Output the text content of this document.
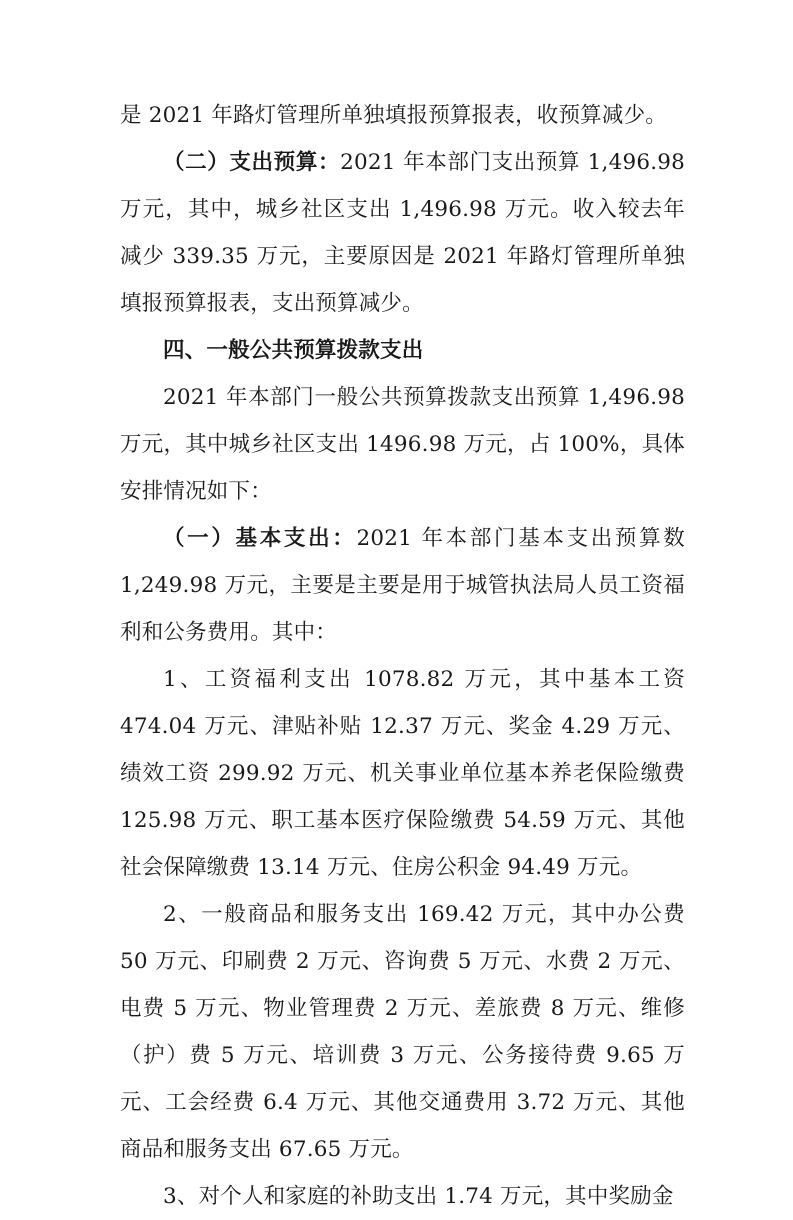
是 2021 年路灯管理所单独填报预算报表，收预算减少。

（二）支出预算：2021 年本部门支出预算 1,496.98 万元，其中，城乡社区支出 1,496.98 万元。收入较去年减少 339.35 万元，主要原因是 2021 年路灯管理所单独填报预算报表，支出预算减少。

四、一般公共预算拨款支出

2021 年本部门一般公共预算拨款支出预算 1,496.98 万元，其中城乡社区支出 1496.98 万元，占 100%，具体安排情况如下：

（一）基本支出：2021 年本部门基本支出预算数 1,249.98 万元，主要是主要是用于城管执法局人员工资福利和公务费用。其中：

1、工资福利支出 1078.82 万元，其中基本工资 474.04 万元、津贴补贴 12.37 万元、奖金 4.29 万元、绩效工资 299.92 万元、机关事业单位基本养老保险缴费 125.98 万元、职工基本医疗保险缴费 54.59 万元、其他社会保障缴费 13.14 万元、住房公积金 94.49 万元。

2、一般商品和服务支出 169.42 万元，其中办公费 50 万元、印刷费 2 万元、咨询费 5 万元、水费 2 万元、电费 5 万元、物业管理费 2 万元、差旅费 8 万元、维修（护）费 5 万元、培训费 3 万元、公务接待费 9.65 万元、工会经费 6.4 万元、其他交通费用 3.72 万元、其他商品和服务支出 67.65 万元。

3、对个人和家庭的补助支出 1.74 万元，其中奖励金
